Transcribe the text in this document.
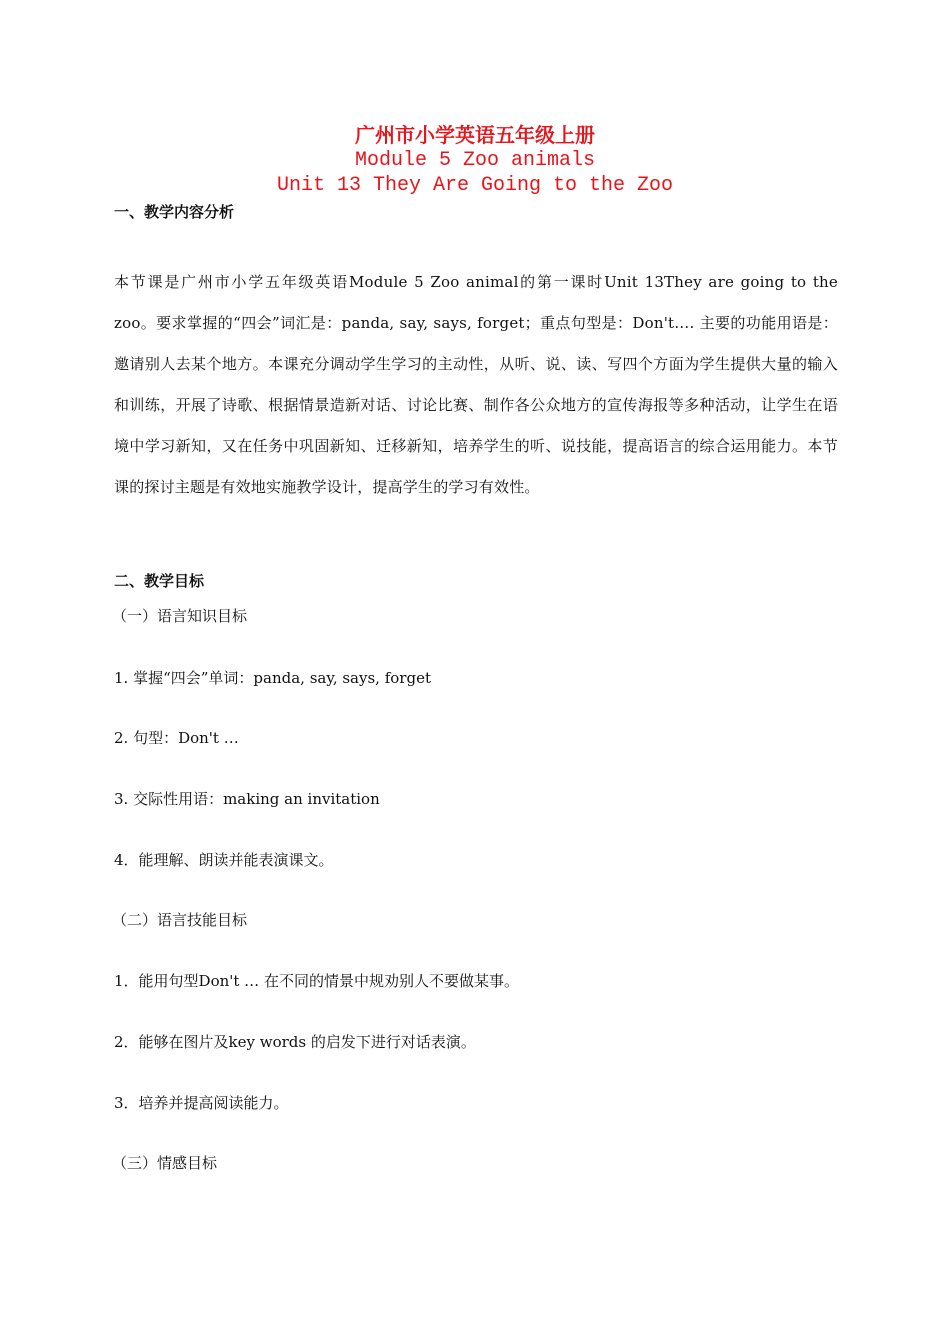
广州市小学英语五年级上册
Module 5 Zoo animals
Unit 13 They Are Going to the Zoo
一、教学内容分析
本节课是广州市小学五年级英语Module 5 Zoo animal的第一课时Unit 13They are going to the zoo。要求掌握的“四会”词汇是：panda, say, says, forget；重点句型是：Don't…. 主要的功能用语是：邀请别人去某个地方。本课充分调动学生学习的主动性，从听、说、读、写四个方面为学生提供大量的输入和训练，开展了诗歌、根据情景造新对话、讨论比赛、制作各公众地方的宣传海报等多种活动，让学生在语境中学习新知，又在任务中巩固新知、迁移新知，培养学生的听、说技能，提高语言的综合运用能力。本节课的探讨主题是有效地实施教学设计，提高学生的学习有效性。
二、教学目标
（一）语言知识目标
1. 掌握“四会”单词：panda, say, says, forget
2. 句型：Don't …
3. 交际性用语：making an invitation
4．能理解、朗读并能表演课文。
（二）语言技能目标
1．能用句型Don't … 在不同的情景中规劝别人不要做某事。
2．能够在图片及key words 的启发下进行对话表演。
3．培养并提高阅读能力。
（三）情感目标
